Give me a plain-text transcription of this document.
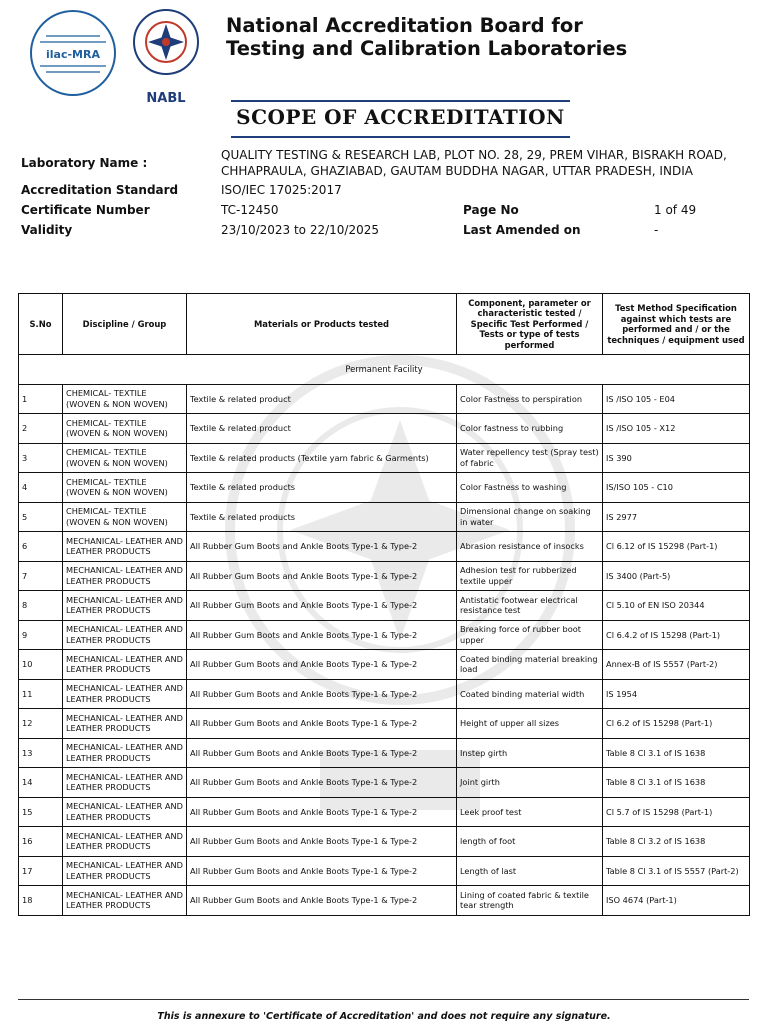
ilac-MRA
NABL
National Accreditation Board for
Testing and Calibration Laboratories
SCOPE OF ACCREDITATION
Laboratory Name :
QUALITY TESTING & RESEARCH LAB, PLOT NO. 28, 29, PREM VIHAR, BISRAKH ROAD,
CHHAPRAULA, GHAZIABAD, GAUTAM BUDDHA NAGAR, UTTAR PRADESH, INDIA
Accreditation Standard	ISO/IEC 17025:2017
Certificate Number	TC-12450	Page No	1 of 49
Validity	23/10/2023 to 22/10/2025	Last Amended on	-
S.No	Discipline / Group	Materials or Products tested	Component, parameter or characteristic tested / Specific Test Performed / Tests or type of tests performed	Test Method Specification against which tests are performed and / or the techniques / equipment used
Permanent Facility				
1	CHEMICAL- TEXTILE (WOVEN & NON WOVEN)	Textile & related product	Color Fastness to perspiration	IS /ISO 105 - E04
2	CHEMICAL- TEXTILE (WOVEN & NON WOVEN)	Textile & related product	Color fastness to rubbing	IS /ISO 105 - X12
3	CHEMICAL- TEXTILE (WOVEN & NON WOVEN)	Textile & related products (Textile yarn fabric & Garments)	Water repellency test (Spray test) of fabric	IS 390
4	CHEMICAL- TEXTILE (WOVEN & NON WOVEN)	Textile & related products	Color Fastness to washing	IS/ISO 105 - C10
5	CHEMICAL- TEXTILE (WOVEN & NON WOVEN)	Textile & related products	Dimensional change on soaking in water	IS 2977
6	MECHANICAL- LEATHER AND LEATHER PRODUCTS	All Rubber Gum Boots and Ankle Boots Type-1 & Type-2	Abrasion resistance of insocks	Cl 6.12 of IS 15298 (Part-1)
7	MECHANICAL- LEATHER AND LEATHER PRODUCTS	All Rubber Gum Boots and Ankle Boots Type-1 & Type-2	Adhesion test for rubberized textile upper	IS 3400 (Part-5)
8	MECHANICAL- LEATHER AND LEATHER PRODUCTS	All Rubber Gum Boots and Ankle Boots Type-1 & Type-2	Antistatic footwear electrical resistance test	Cl 5.10 of EN ISO 20344
9	MECHANICAL- LEATHER AND LEATHER PRODUCTS	All Rubber Gum Boots and Ankle Boots Type-1 & Type-2	Breaking force of rubber boot upper	Cl 6.4.2 of IS 15298 (Part-1)
10	MECHANICAL- LEATHER AND LEATHER PRODUCTS	All Rubber Gum Boots and Ankle Boots Type-1 & Type-2	Coated binding material breaking load	Annex-B of IS 5557 (Part-2)
11	MECHANICAL- LEATHER AND LEATHER PRODUCTS	All Rubber Gum Boots and Ankle Boots Type-1 & Type-2	Coated binding material width	IS 1954
12	MECHANICAL- LEATHER AND LEATHER PRODUCTS	All Rubber Gum Boots and Ankle Boots Type-1 & Type-2	Height of upper all sizes	Cl 6.2 of IS 15298 (Part-1)
13	MECHANICAL- LEATHER AND LEATHER PRODUCTS	All Rubber Gum Boots and Ankle Boots Type-1 & Type-2	Instep girth	Table 8 Cl 3.1 of IS 1638
14	MECHANICAL- LEATHER AND LEATHER PRODUCTS	All Rubber Gum Boots and Ankle Boots Type-1 & Type-2	Joint girth	Table 8 Cl 3.1 of IS 1638
15	MECHANICAL- LEATHER AND LEATHER PRODUCTS	All Rubber Gum Boots and Ankle Boots Type-1 & Type-2	Leek proof test	Cl 5.7 of IS 15298 (Part-1)
16	MECHANICAL- LEATHER AND LEATHER PRODUCTS	All Rubber Gum Boots and Ankle Boots Type-1 & Type-2	length of foot	Table 8 Cl 3.2 of IS 1638
17	MECHANICAL- LEATHER AND LEATHER PRODUCTS	All Rubber Gum Boots and Ankle Boots Type-1 & Type-2	Length of last	Table 8 Cl 3.1 of IS 5557 (Part-2)
18	MECHANICAL- LEATHER AND LEATHER PRODUCTS	All Rubber Gum Boots and Ankle Boots Type-1 & Type-2	Lining of coated fabric & textile tear strength	ISO 4674 (Part-1)
This is annexure to 'Certificate of Accreditation' and does not require any signature.
